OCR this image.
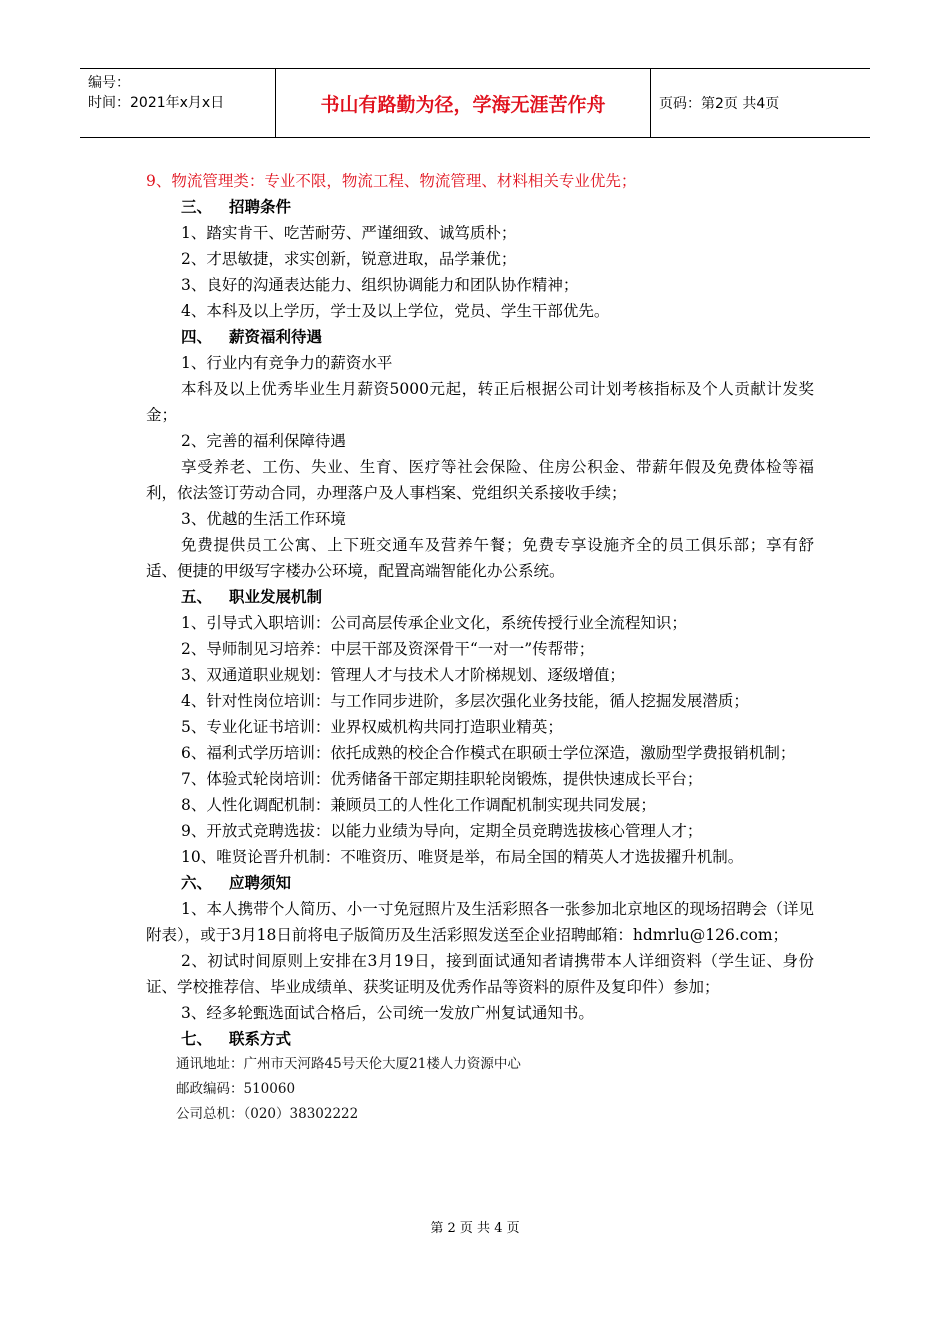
编号：
时间：2021年x月x日	书山有路勤为径，学海无涯苦作舟	页码：第2页 共4页
9、物流管理类：专业不限，物流工程、物流管理、材料相关专业优先；
三、 招聘条件
1、踏实肯干、吃苦耐劳、严谨细致、诚笃质朴；
2、才思敏捷，求实创新，锐意进取，品学兼优；
3、良好的沟通表达能力、组织协调能力和团队协作精神；
4、本科及以上学历，学士及以上学位，党员、学生干部优先。
四、 薪资福利待遇
1、行业内有竞争力的薪资水平
本科及以上优秀毕业生月薪资5000元起，转正后根据公司计划考核指标及个人贡献计发奖金；
2、完善的福利保障待遇
享受养老、工伤、失业、生育、医疗等社会保险、住房公积金、带薪年假及免费体检等福利，依法签订劳动合同，办理落户及人事档案、党组织关系接收手续；
3、优越的生活工作环境
免费提供员工公寓、上下班交通车及营养午餐；免费专享设施齐全的员工俱乐部；享有舒适、便捷的甲级写字楼办公环境，配置高端智能化办公系统。
五、 职业发展机制
1、引导式入职培训：公司高层传承企业文化，系统传授行业全流程知识；
2、导师制见习培养：中层干部及资深骨干“一对一”传帮带；
3、双通道职业规划：管理人才与技术人才阶梯规划、逐级增值；
4、针对性岗位培训：与工作同步进阶，多层次强化业务技能，循人挖掘发展潜质；
5、专业化证书培训：业界权威机构共同打造职业精英；
6、福利式学历培训：依托成熟的校企合作模式在职硕士学位深造，激励型学费报销机制；
7、体验式轮岗培训：优秀储备干部定期挂职轮岗锻炼，提供快速成长平台；
8、人性化调配机制：兼顾员工的人性化工作调配机制实现共同发展；
9、开放式竞聘选拔：以能力业绩为导向，定期全员竞聘选拔核心管理人才；
10、唯贤论晋升机制：不唯资历、唯贤是举，布局全国的精英人才选拔擢升机制。
六、 应聘须知
1、本人携带个人简历、小一寸免冠照片及生活彩照各一张参加北京地区的现场招聘会（详见附表），或于3月18日前将电子版简历及生活彩照发送至企业招聘邮箱：hdmrlu@126.com；
2、初试时间原则上安排在3月19日，接到面试通知者请携带本人详细资料（学生证、身份证、学校推荐信、毕业成绩单、获奖证明及优秀作品等资料的原件及复印件）参加；
3、经多轮甄选面试合格后，公司统一发放广州复试通知书。
七、 联系方式
通讯地址：广州市天河路45号天伦大厦21楼人力资源中心
邮政编码：510060
公司总机：（020）38302222
第 2 页 共 4 页
